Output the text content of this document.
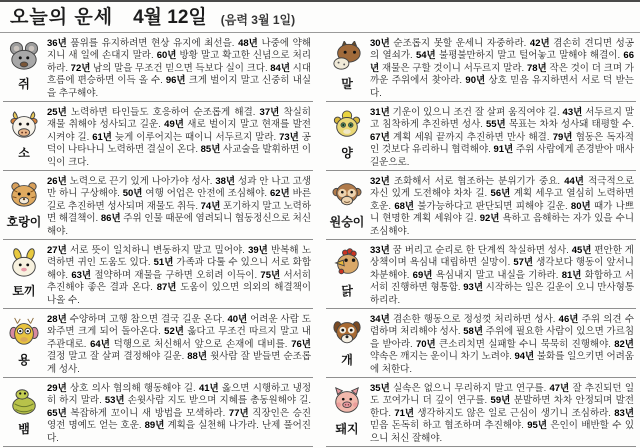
오늘의 운세 4월 12일 (음력 3월 1일)
쥐
36년 품위를 유지하려면 현상 유지에 최선을. 48년 나중에 약해지니 새 일에 손대지 말라. 60년 방황 말고 확고한 신념으로 처리하라. 72년 남의 말을 무조건 믿으면 득보다 실이 크다. 84년 시대 흐름에 편승하면 이득 올 수. 96년 크게 벌이지 말고 신중히 내실을 추구해야.
소
25년 노력하면 타인들도 호응하여 순조롭게 해결. 37년 착실히 재물 취해야 성사되고 길운. 49년 새로 벌이지 말고 현재를 발전시켜야 길. 61년 늦게 이루어지는 때이니 서두르지 말라. 73년 공덕이 나타나니 노력하면 결실이 온다. 85년 사교술을 발휘하면 이익이 크다.
호랑이
26년 노력으로 끈기 있게 나아가야 성사. 38년 성과 안 나고 고생만 하니 구상해야. 50년 여행 어업은 안전에 조심해야. 62년 바른 길로 추진하면 성사되며 재물도 취득. 74년 포기하지 말고 노력하면 해결책이. 86년 주위 인물 때문에 염려되니 협동정신으로 처신해야.
토끼
27년 서로 뜻이 일치하니 변동하지 말고 밀어야. 39년 반복해 노력하면 귀인 도움도 있다. 51년 가족과 다툴 수 있으니 서로 화합해야. 63년 절약하며 재물을 구하면 오히려 이득이. 75년 서서히 추진해야 좋은 결과 온다. 87년 도움이 있으면 의외의 해결책이 나올 수.
용
28년 수양하며 고행 참으면 결국 길운 온다. 40년 어려운 사람 도와주면 크게 되어 돌아온다. 52년 옳다고 무조건 따르지 말고 내 주관대로. 64년 덕행으로 처신해서 앞으로 손재에 대비를. 76년 결정 말고 잘 살펴 결정해야 길운. 88년 윗사람 잘 받들면 순조롭게 성사.
뱀
29년 상호 의사 협의해 행동해야 길. 41년 옳으면 시행하고 냉정히 하지 말라. 53년 손윗사람 지도 받으며 지혜를 총동원해야 길. 65년 복잡하게 꼬이니 새 방법을 모색하라. 77년 직장인은 승진 영전 명예도 얻는 호운. 89년 계획을 실천해 나가라. 난제 풀어진다.
말
30년 순조롭지 못할 운세니 자중하라. 42년 겸손히 견디면 성공의 열쇠가. 54년 불평불만하지 말고 털어놓고 말해야 해결이. 66년 재물은 구할 것이니 서두르지 말라. 78년 작은 것이 더 크며 가까운 주위에서 찾아라. 90년 상호 믿음 유지하면서 서로 덕 받는다.
양
31년 기운이 있으니 조건 잘 살펴 움직여야 길. 43년 서두르지 말고 침착하게 추진하면 성사. 55년 목표는 차차 성사돼 태평할 수. 67년 계획 세워 끝까지 추진하면 만사 해결. 79년 협동은 독자적인 것보다 유리하니 협력해야. 91년 주위 사람에게 존경받아 매사 길운으로.
원숭이
32년 조화해서 서로 협조하는 분위기가 중요. 44년 적극적으로 자신 있게 도전해야 차차 길. 56년 계획 세우고 열심히 노력하면 호운. 68년 불가능하다고 판단되면 피해야 길운. 80년 때가 나쁘니 현명한 계획 세워야 길. 92년 욕하고 음해하는 자가 있을 수니 조심해야.
닭
33년 꿈 버리고 순리로 한 단계씩 착실하면 성사. 45년 편안한 게 상책이며 욕심내 대립하면 실망이. 57년 생각보다 행동이 앞서니 차분해야. 69년 욕심내지 말고 내실을 기하라. 81년 화합하고 서서히 진행하면 형통함. 93년 시작하는 일은 길운이 오니 만사형통하리라.
개
34년 겸손한 행동으로 정성껏 처리하면 성사. 46년 주위 의견 수렴하며 처리해야 성사. 58년 주위에 필요한 사람이 있으면 가르침을 받아라. 70년 큰소리치면 실패할 수니 묵묵히 진행해야. 82년 약속은 깨지는 운이니 차기 노려야. 94년 불화를 일으키면 어려움에 처한다.
돼지
35년 실속은 없으니 무리하지 말고 연구를. 47년 잘 추진되던 일도 꼬여가니 더 깊이 연구를. 59년 분발하면 차차 안정되며 발전한다. 71년 생각하지도 않은 일로 근심이 생기니 조심하라. 83년 믿음 돈독히 하고 협조하며 추진해야. 95년 은인이 배반할 수 있으니 처신 잘해야.
